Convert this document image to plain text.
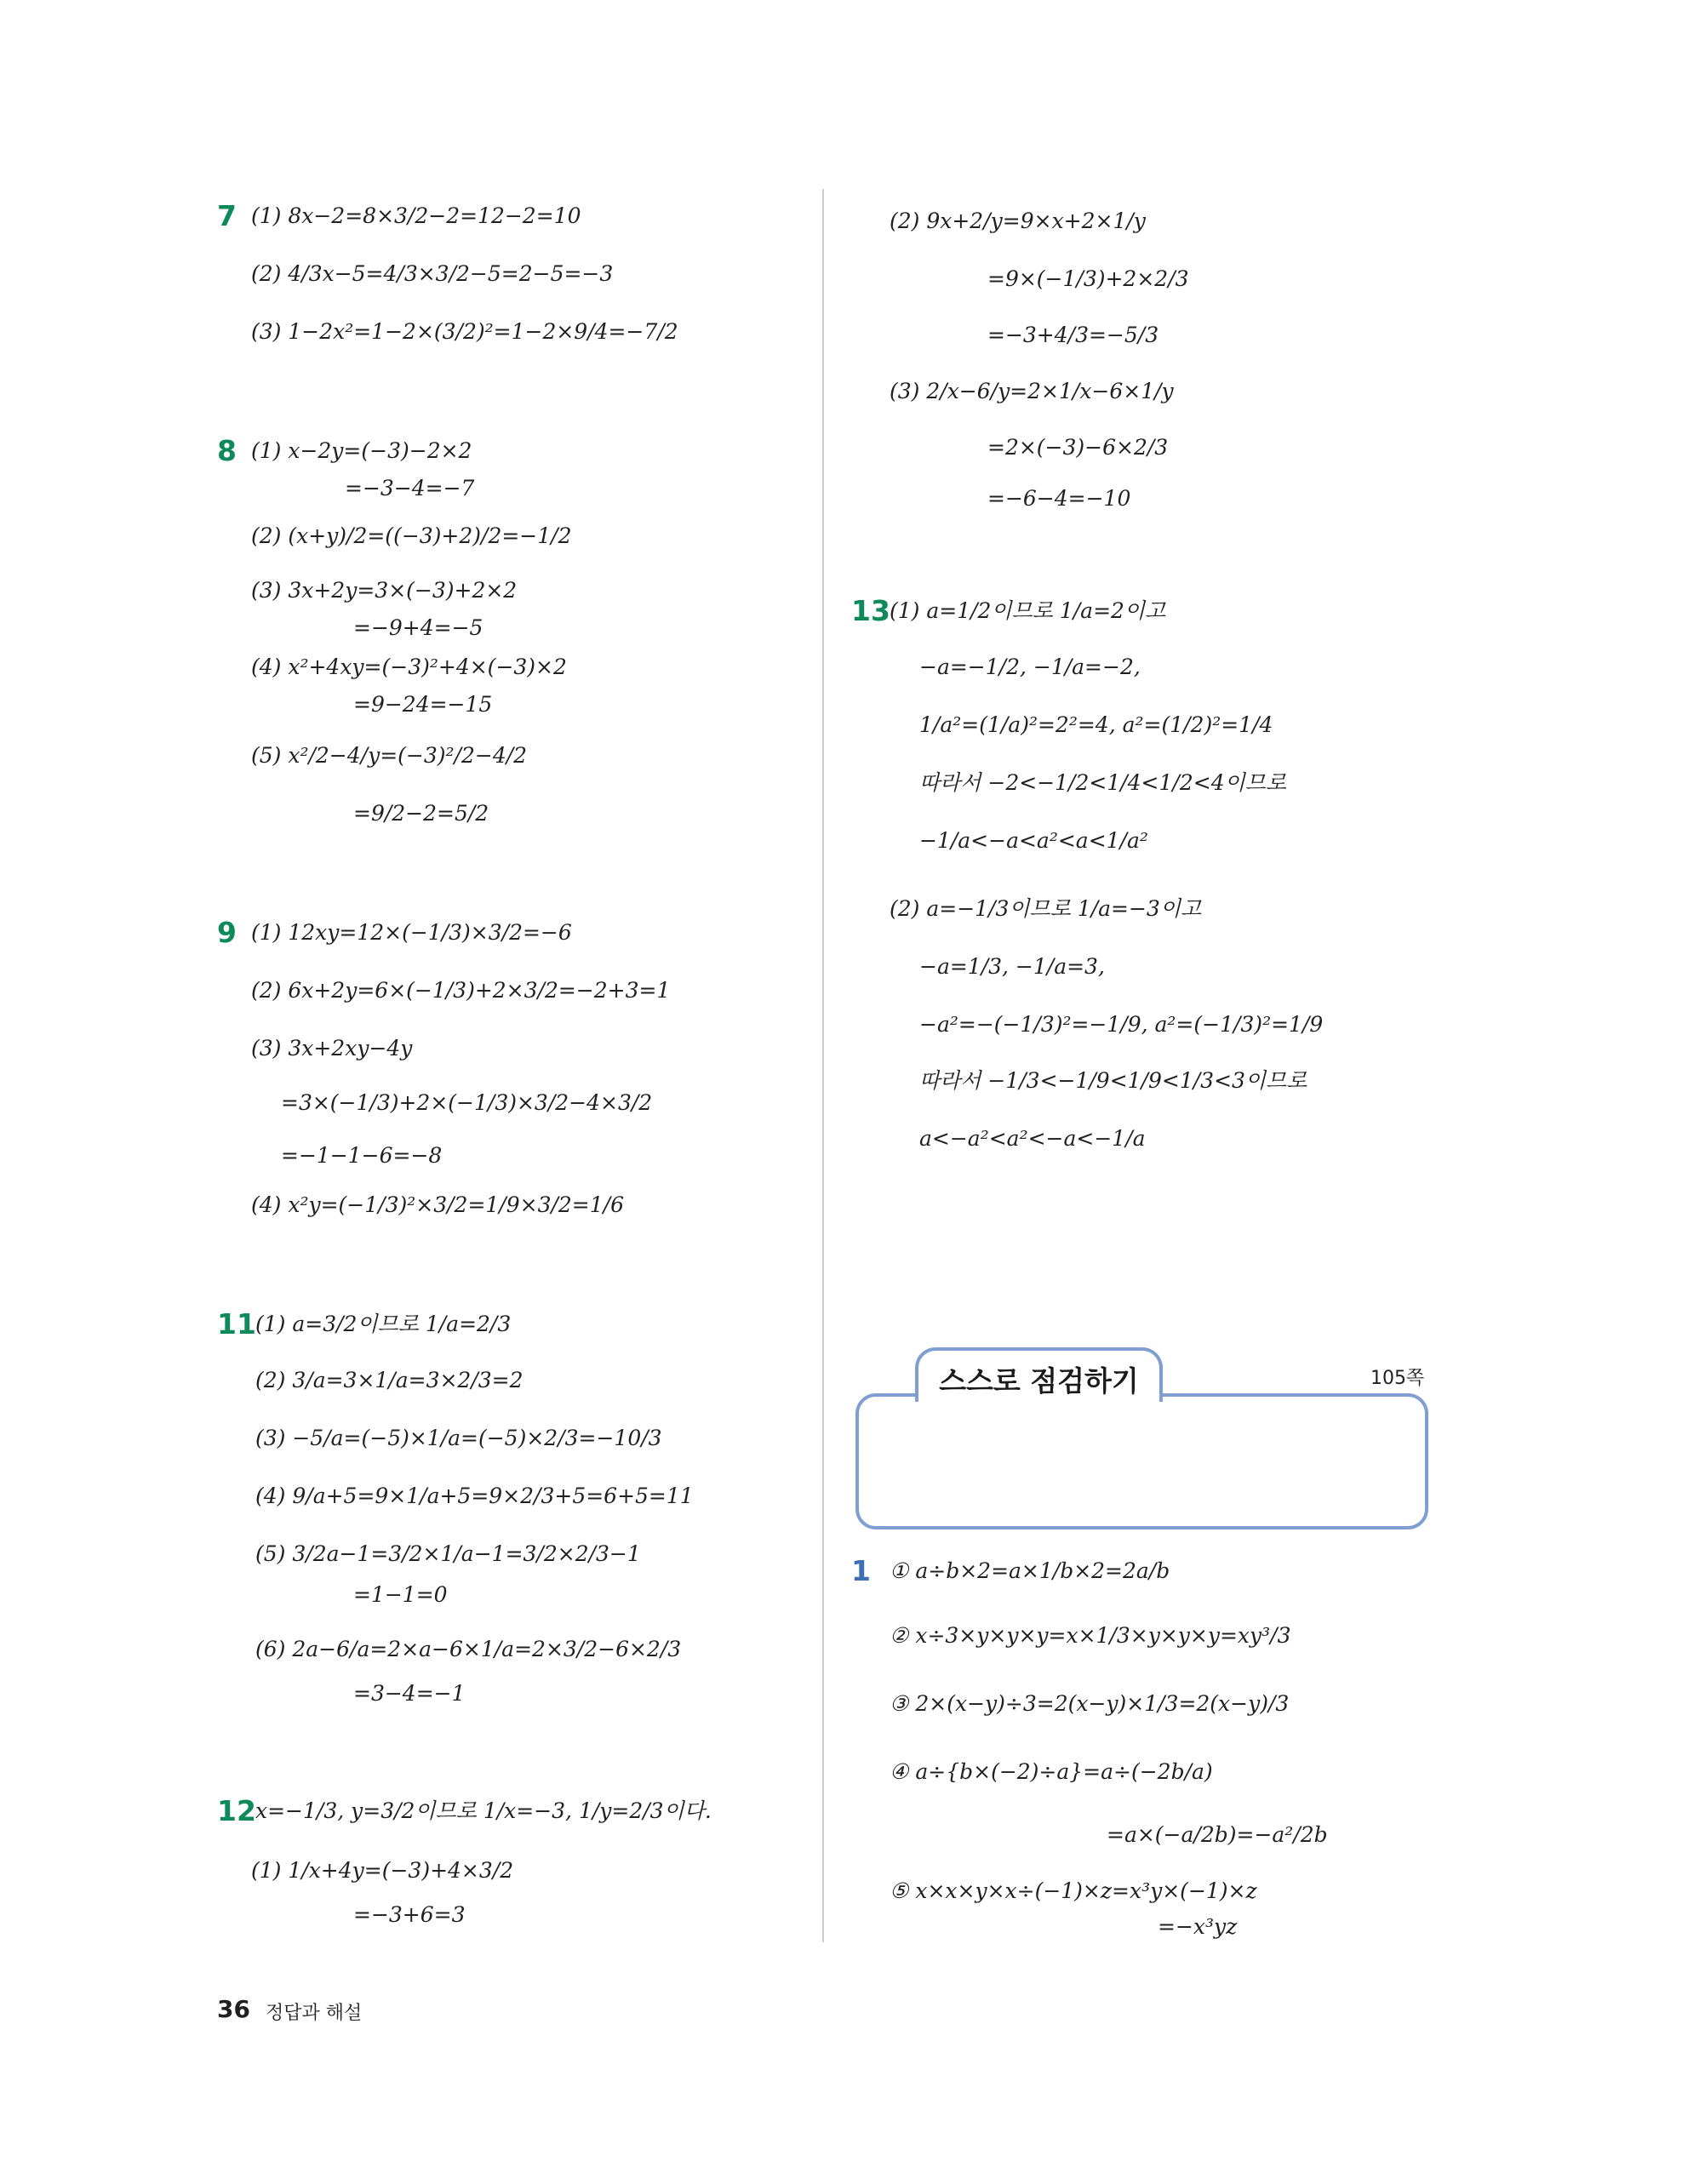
7 (1) 8x−2=8×3/2−2=12−2=10
(2) 4/3x−5=4/3×3/2−5=2−5=−3
(3) 1−2x²=1−2×(3/2)²=1−2×9/4=−7/2
8 (1) x−2y=(−3)−2×2
=−3−4=−7
(2) (x+y)/2=((−3)+2)/2=−1/2
(3) 3x+2y=3×(−3)+2×2
=−9+4=−5
(4) x²+4xy=(−3)²+4×(−3)×2
=9−24=−15
(5) x²/2−4/y=(−3)²/2−4/2
=9/2−2=5/2
9 (1) 12xy=12×(−1/3)×3/2=−6
(2) 6x+2y=6×(−1/3)+2×3/2=−2+3=1
(3) 3x+2xy−4y
=3×(−1/3)+2×(−1/3)×3/2−4×3/2
=−1−1−6=−8
(4) x²y=(−1/3)²×3/2=1/9×3/2=1/6
11 (1) a=3/2이므로 1/a=2/3
(2) 3/a=3×1/a=3×2/3=2
(3) −5/a=(−5)×1/a=(−5)×2/3=−10/3
(4) 9/a+5=9×1/a+5=9×2/3+5=6+5=11
(5) 3/2a−1=3/2×1/a−1=3/2×2/3−1
=1−1=0
(6) 2a−6/a=2×a−6×1/a=2×3/2−6×2/3
=3−4=−1
12 x=−1/3, y=3/2이므로 1/x=−3, 1/y=2/3이다.
(1) 1/x+4y=(−3)+4×3/2
=−3+6=3
(2) 9x+2/y=9×x+2×1/y
=9×(−1/3)+2×2/3
=−3+4/3=−5/3
(3) 2/x−6/y=2×1/x−6×1/y
=2×(−3)−6×2/3
=−6−4=−10
13 (1) a=1/2이므로 1/a=2이고
−a=−1/2, −1/a=−2,
1/a²=(1/a)²=2²=4, a²=(1/2)²=1/4
따라서 −2<−1/2<1/4<1/2<4이므로
−1/a<−a<a²<a<1/a²
(2) a=−1/3이므로 1/a=−3이고
−a=1/3, −1/a=3,
−a²=−(−1/3)²=−1/9, a²=(−1/3)²=1/9
따라서 −1/3<−1/9<1/9<1/3<3이므로
a<−a²<a²<−a<−1/a
스스로 점검하기	105쪽
1 ① a÷b×2=a×1/b×2=2a/b
② x÷3×y×y×y=x×1/3×y×y×y=xy³/3
③ 2×(x−y)÷3=2(x−y)×1/3=2(x−y)/3
④ a÷{b×(−2)÷a}=a÷(−2b/a)
=a×(−a/2b)=−a²/2b
⑤ x×x×y×x÷(−1)×z=x³y×(−1)×z
=−x³yz
36 정답과 해설
